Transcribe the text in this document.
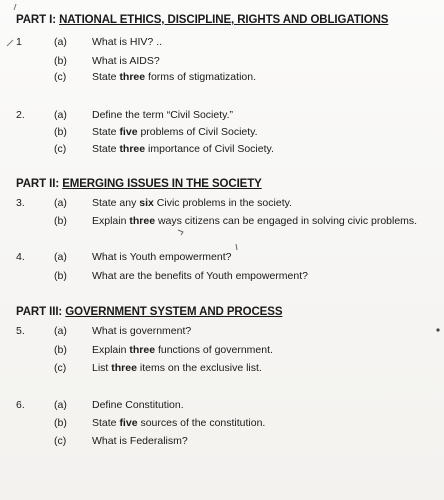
PART I: NATIONAL ETHICS, DISCIPLINE, RIGHTS AND OBLIGATIONS
1	(a) What is HIV? ..
(b) What is AIDS?
(c) State three forms of stigmatization.
2.	(a) Define the term “Civil Society.”
(b) State five problems of Civil Society.
(c) State three importance of Civil Society.
PART II: EMERGING ISSUES IN THE SOCIETY
3.	(a) State any six Civic problems in the society.
(b) Explain three ways citizens can be engaged in solving civic problems.
4.	(a) What is Youth empowerment?
(b) What are the benefits of Youth empowerment?
PART III: GOVERNMENT SYSTEM AND PROCESS
5.	(a) What is government?
(b) Explain three functions of government.
(c) List three items on the exclusive list.
6.	(a) Define Constitution.
(b) State five sources of the constitution.
(c) What is Federalism?
